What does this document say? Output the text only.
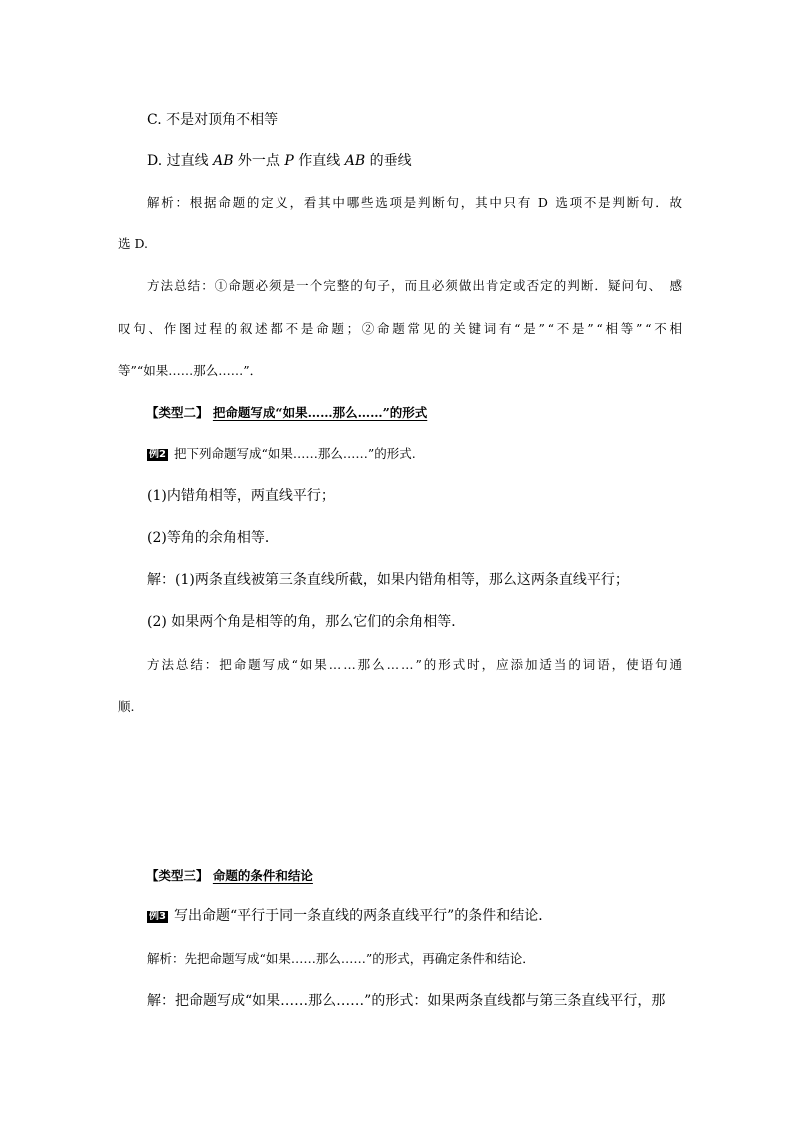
C. 不是对顶角不相等
D. 过直线 AB 外一点 P 作直线 AB 的垂线
解析：根据命题的定义，看其中哪些选项是判断句，其中只有 D 选项不是判断句．故
选 D.
方法总结：①命题必须是一个完整的句子，而且必须做出肯定或否定的判断．疑问句、　感
叹句、作图过程的叙述都不是命题；②命题常见的关键词有“是”“不是”“相等”“不相
等”“如果……那么……”．
【类型二】 把命题写成“如果……那么……”的形式
例2 把下列命题写成“如果……那么……”的形式.
(1)内错角相等，两直线平行；
(2)等角的余角相等．
解：(1)两条直线被第三条直线所截，如果内错角相等，那么这两条直线平行；
(2) 如果两个角是相等的角，那么它们的余角相等．
方法总结：把命题写成“如果……那么……”的形式时，应添加适当的词语，使语句通
顺.
【类型三】 命题的条件和结论
例3 写出命题“平行于同一条直线的两条直线平行”的条件和结论．
解析：先把命题写成“如果……那么……”的形式，再确定条件和结论．
解：把命题写成“如果……那么……”的形式：如果两条直线都与第三条直线平行，那
